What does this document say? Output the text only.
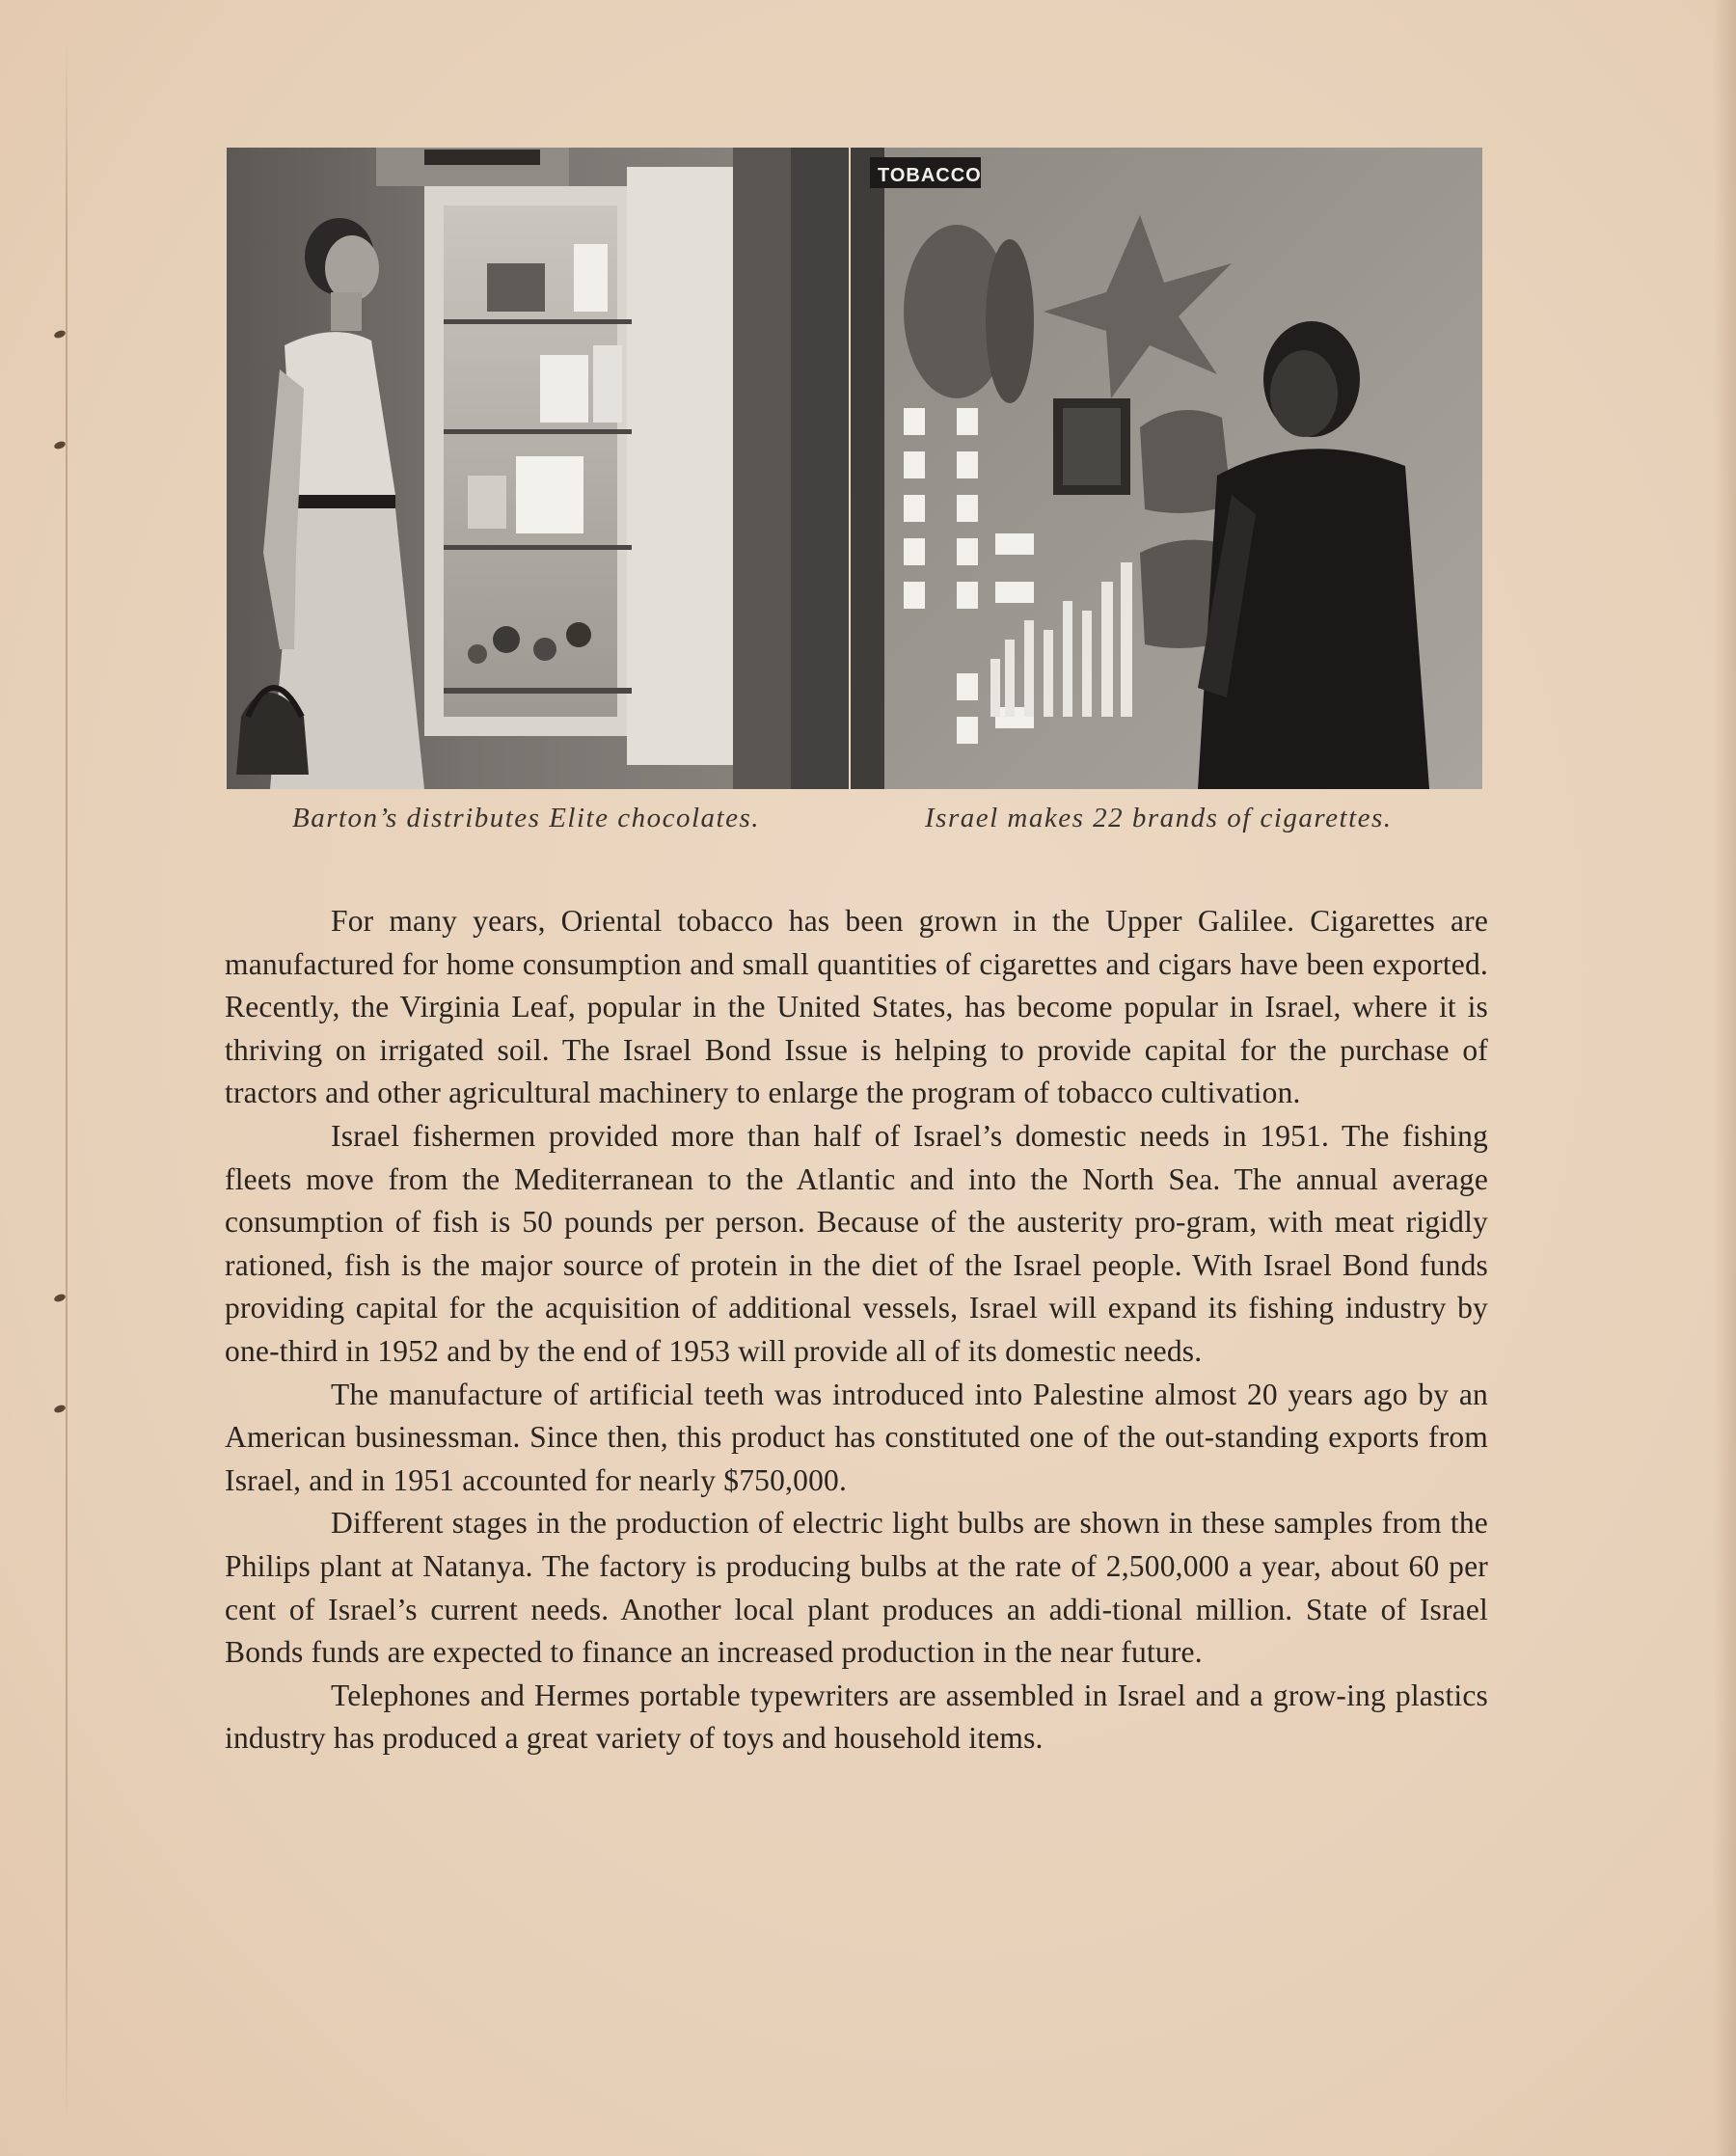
TOBACCO
Barton’s distributes Elite chocolates.	Israel makes 22 brands of cigarettes.

For many years, Oriental tobacco has been grown in the Upper Galilee. Cigarettes are manufactured for home consumption and small quantities of cigarettes and cigars have been exported. Recently, the Virginia Leaf, popular in the United States, has become popular in Israel, where it is thriving on irrigated soil. The Israel Bond Issue is helping to provide capital for the purchase of tractors and other agricultural machinery to enlarge the program of tobacco cultivation.

Israel fishermen provided more than half of Israel’s domestic needs in 1951. The fishing fleets move from the Mediterranean to the Atlantic and into the North Sea. The annual average consumption of fish is 50 pounds per person. Because of the austerity pro-gram, with meat rigidly rationed, fish is the major source of protein in the diet of the Israel people. With Israel Bond funds providing capital for the acquisition of additional vessels, Israel will expand its fishing industry by one-third in 1952 and by the end of 1953 will provide all of its domestic needs.

The manufacture of artificial teeth was introduced into Palestine almost 20 years ago by an American businessman. Since then, this product has constituted one of the out-standing exports from Israel, and in 1951 accounted for nearly $750,000.

Different stages in the production of electric light bulbs are shown in these samples from the Philips plant at Natanya. The factory is producing bulbs at the rate of 2,500,000 a year, about 60 per cent of Israel’s current needs. Another local plant produces an addi-tional million. State of Israel Bonds funds are expected to finance an increased production in the near future.

Telephones and Hermes portable typewriters are assembled in Israel and a grow-ing plastics industry has produced a great variety of toys and household items.
